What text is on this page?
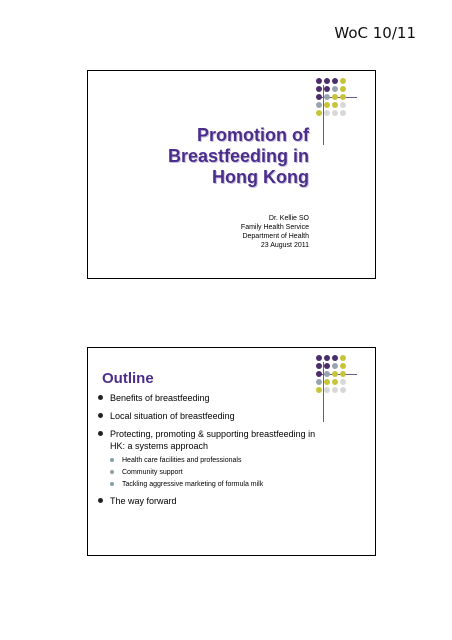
WoC 10/11
Promotion of
Breastfeeding in
Hong Kong
Dr. Kellie SO
Family Health Service
Department of Health
23 August 2011
Outline
Benefits of breastfeeding
Local situation of breastfeeding
Protecting, promoting & supporting breastfeeding in HK: a systems approach
Health care facilities and professionals
Community support
Tackling aggressive marketing of formula milk
The way forward
